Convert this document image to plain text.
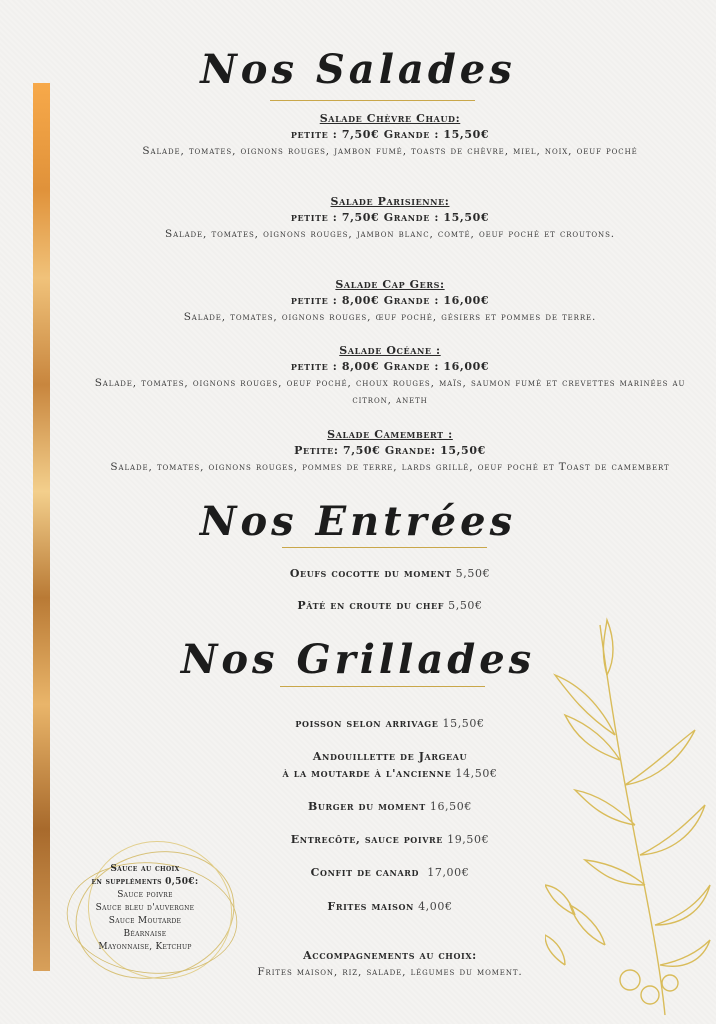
Nos Salades
Salade Chèvre Chaud:
petite : 7,50€ Grande : 15,50€
Salade, tomates, oignons rouges, jambon fumé, toasts de chèvre, miel, noix, oeuf poché
Salade Parisienne:
petite : 7,50€ Grande : 15,50€
Salade, tomates, oignons rouges, jambon blanc, comté, oeuf poché et croutons.
Salade Cap Gers:
petite : 8,00€ Grande : 16,00€
Salade, tomates, oignons rouges, œuf poché, gésiers et pommes de terre.
Salade Océane :
petite : 8,00€ Grande : 16,00€
Salade, tomates, oignons rouges, oeuf poché, choux rouges, maïs, saumon fumé et crevettes marinées au citron, aneth
Salade Camembert :
Petite: 7,50€ Grande: 15,50€
Salade, tomates, oignons rouges, pommes de terre, lards grillé, oeuf poché et Toast de camembert
Nos Entrées
Oeufs cocotte du moment 5,50€
Pâté en croute du chef 5,50€
Nos Grillades
poisson selon arrivage 15,50€
Andouillette de Jargeau
à la moutarde à l'ancienne 14,50€
Burger du moment 16,50€
Entrecôte, sauce poivre 19,50€
Confit de canard 17,00€
Frites maison 4,00€
Accompagnements au choix:
Frites maison, riz, salade, légumes du moment.
Sauce au choix
en suppléments 0,50€:
Sauce poivre
Sauce bleu d'auvergne
Sauce Moutarde
Béarnaise
Mayonnaise, Ketchup
